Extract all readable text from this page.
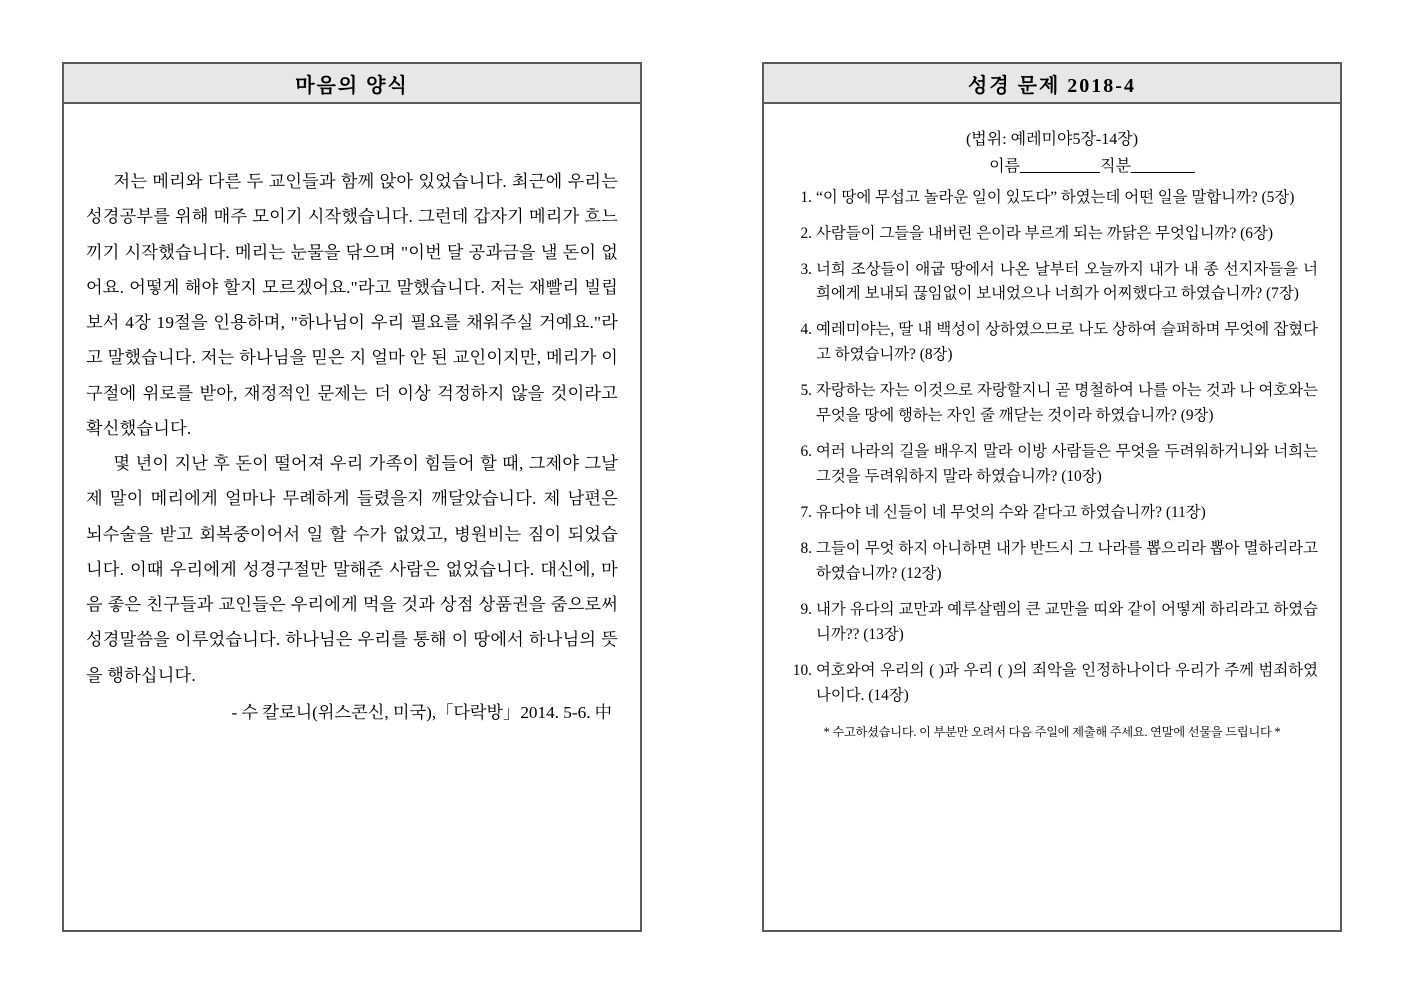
마음의 양식

저는 메리와 다른 두 교인들과 함께 앉아 있었습니다. 최근에 우리는 성경공부를 위해 매주 모이기 시작했습니다. 그런데 갑자기 메리가 흐느끼기 시작했습니다. 메리는 눈물을 닦으며 "이번 달 공과금을 낼 돈이 없어요. 어떻게 해야 할지 모르겠어요."라고 말했습니다. 저는 재빨리 빌립보서 4장 19절을 인용하며, "하나님이 우리 필요를 채워주실 거예요."라고 말했습니다. 저는 하나님을 믿은 지 얼마 안 된 교인이지만, 메리가 이 구절에 위로를 받아, 재정적인 문제는 더 이상 걱정하지 않을 것이라고 확신했습니다.

몇 년이 지난 후 돈이 떨어져 우리 가족이 힘들어 할 때, 그제야 그날 제 말이 메리에게 얼마나 무례하게 들렸을지 깨달았습니다. 제 남편은 뇌수술을 받고 회복중이어서 일 할 수가 없었고, 병원비는 짐이 되었습니다. 이때 우리에게 성경구절만 말해준 사람은 없었습니다. 대신에, 마음 좋은 친구들과 교인들은 우리에게 먹을 것과 상점 상품권을 줌으로써 성경말씀을 이루었습니다. 하나님은 우리를 통해 이 땅에서 하나님의 뜻을 행하십니다.

- 수 칼로니(위스콘신, 미국),「다락방」2014. 5-6. 中

성경 문제 2018-4

(법위: 예레미야5장-14장)

이름__________직분________

1. “이 땅에 무섭고 놀라운 일이 있도다” 하였는데 어떤 일을 말합니까? (5장)
2. 사람들이 그들을 내버린 은이라 부르게 되는 까닭은 무엇입니까? (6장)
3. 너희 조상들이 애굽 땅에서 나온 날부터 오늘까지 내가 내 종 선지자들을 너희에게 보내되 끊임없이 보내었으나 너희가 어찌했다고 하였습니까? (7장)
4. 예레미야는, 딸 내 백성이 상하였으므로 나도 상하여 슬퍼하며 무엇에 잡혔다고 하였습니까? (8장)
5. 자랑하는 자는 이것으로 자랑할지니 곧 명철하여 나를 아는 것과 나 여호와는 무엇을 땅에 행하는 자인 줄 깨닫는 것이라 하였습니까? (9장)
6. 여러 나라의 길을 배우지 말라 이방 사람들은 무엇을 두려워하거니와 너희는 그것을 두려워하지 말라 하였습니까? (10장)
7. 유다야 네 신들이 네 무엇의 수와 같다고 하였습니까? (11장)
8. 그들이 무엇 하지 아니하면 내가 반드시 그 나라를 뽑으리라 뽑아 멸하리라고 하였습니까? (12장)
9. 내가 유다의 교만과 예루살렘의 큰 교만을 띠와 같이 어떻게 하리라고 하였습니까?? (13장)
10. 여호와여 우리의 ( )과 우리 ( )의 죄악을 인정하나이다 우리가 주께 범죄하였나이다. (14장)

* 수고하셨습니다. 이 부분만 오려서 다음 주일에 제출해 주세요. 연말에 선물을 드립니다 *
